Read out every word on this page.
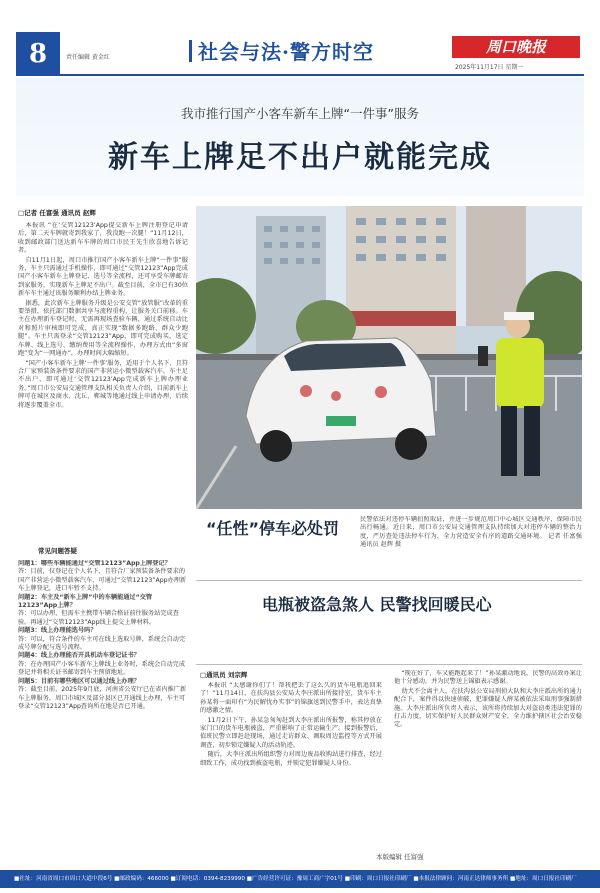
8	责任编辑 黄金红	社会与法·警方时空	周口晚报
2025年11月17日 星期一
我市推行国产小客车新车上牌“一件事”服务
新车上牌足不出户就能完成
□记者 任富强 通讯员 赵辉

本报讯 “在‘交管12123’App提交新车上牌注册登记申请后，第二天车牌就寄到我家了，我没跑一次腿！”11月12日，收到邮政部门送达新车车牌的周口市民王先生欣喜地告诉记者。

自11月1日起，周口市推行国产小客车新车上牌“一件事”服务，车主只需通过手机操作，即可通过“交管12123”App完成国产小客车新车上牌登记、选号等全流程，还可享受车牌邮寄到家服务，实现新车上牌足不出户。截至目前，全市已有30位新车车主通过该服务顺利办结上牌业务。

据悉，此次新车上牌服务升级是公安交管“放管服”改革的重要举措，依托部门数据共享与流程重构，让服务关口前移。车主在办理新车登记时，无需再现场查验车辆，通过系统自动比对和照片审核即可完成，真正实现“数据多跑路、群众少跑腿”。车主只需登录“交管12123”App，即可完成购买、选定车牌、线上选号、缴纳费用等全流程操作，办理方式由“多窗跑”变为“一网通办”，办理时间大幅缩短。

“国产小客车新车上牌‘一件事’服务，适用于个人名下、且符合厂家预装备条件要求的国产非营运小微型载客汽车。车主足不出户，即可通过‘交管12123’App完成新车上牌办理业务。”周口市公安局交通管理支队相关负责人介绍，目前新车上牌可在城区及商水、沈丘、郸城等地通过线上申请办理，后续将逐步覆盖全市。

常见问题答疑
问题1：哪些车辆能通过“交管12123”App上牌登记？
答：目前，仅登记在个人名下、且符合厂家预装备条件要求的国产非营运小微型载客汽车，可通过“交管12123”App办理新车上牌登记，进口车暂不支持。
问题2：车主及“新车上牌”中的车辆能通过“交管12123”App上牌？
答：可以办理，但需车主携带车辆合格证前往服务站完成查验。再通过“交管12123”App线上提交上牌材料。
问题3：线上办理能选号吗？
答：可以，符合条件的车主可在线上选取号牌，系统会自动完成号牌分配与选号流程。
问题4：线上办理能否开具机动车登记证书？
答：在办理国产小客车新车上牌线上业务时，系统会自动完成登记并将相关证书邮寄到车主预留地址。
问题5：目前有哪些地区可以通过线上办理？
答：截至目前，2025年9月底，河南省公安厅已在省内推广新车上牌服务，周口市城区及部分县区已开通线上办理，车主可登录“交管12123”App查询所在地是否已开通。
“任性”停车必处罚	民警依法对违停车辆拍照取证，并进一步规范周口中心城区交通秩序，保障市民出行畅通。近日来，周口市公安局交通管理支队持续加大对违停车辆的整治力度，严厉查处违法停车行为，全力营造安全有序的道路交通环境。 记者 任富强 通讯员 赵辉 摄
电瓶被盗急煞人 民警找回暖民心
□通讯员 刘宗辉

本报讯 “太感谢你们了！帮我把丢了这么久的货车电瓶追回来了！”11月14日，在扶沟县公安局大李庄派出所接待室，货车车主孙某将一面印有“为民解忧办实事”的锦旗送到民警手中，表达真挚的感激之情。

11月2日下午，孙某急匆匆赶到大李庄派出所报警，称其停放在家门口的货车电瓶被盗，严重影响了正常运输生产。接到报警后，值班民警立即赶赴现场，通过走访群众、调取周边监控等方式开展调查，初步锁定嫌疑人的活动轨迹。

随后，大李庄派出所组织警力对周边废品收购站进行排查，经过细致工作，成功找到被盗电瓶，并锁定犯罪嫌疑人身份。

“现在好了，车又能跑起来了！”孙某激动地说，民警的高效办案让他十分感动，并为民警送上锦旗表示感谢。

幼犬不会离主人，在扶沟县公安局刑侦大队和大李庄派出所的通力配合下，案件得以快速侦破，犯罪嫌疑人薛某被依法采取刑事强制措施。大李庄派出所负责人表示，该所将持续加大对盗窃类违法犯罪的打击力度，切实保护好人民群众财产安全，全力维护辖区社会治安稳定。

本版编辑 任富强
■社址：河南省周口市周口大道中段6号 ■邮政编码：466000 ■订阅电话：0394-8239990 ■广告经营许可证：豫周工商广字01号 ■印刷：周口日报社印刷厂 ■本报法律顾问：河南正达律师事务所 ■地址：周口日报社印刷厂
